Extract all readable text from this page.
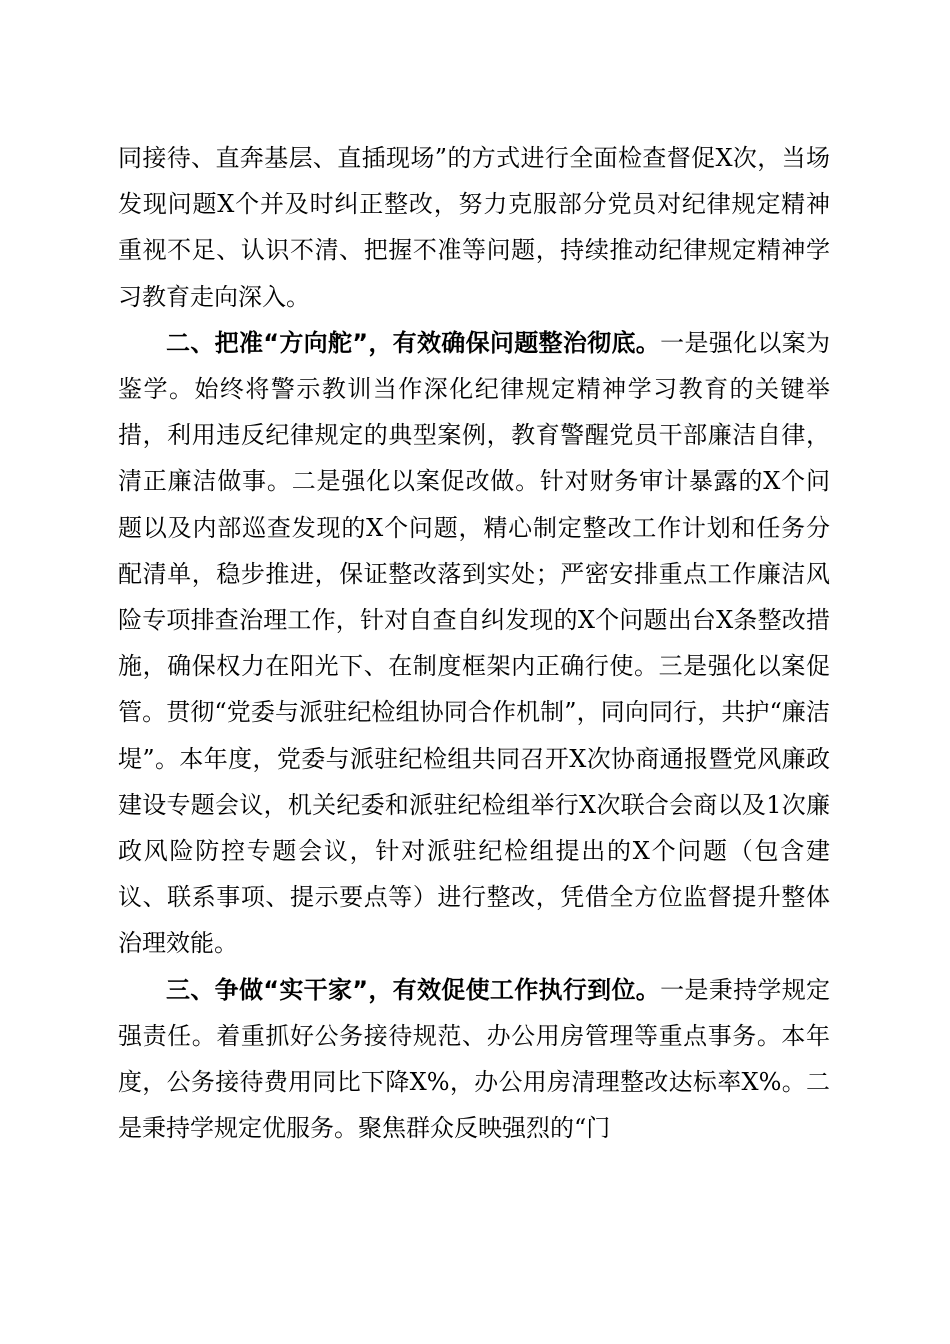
同接待、直奔基层、直插现场”的方式进行全面检查督促X次，当场发现问题X个并及时纠正整改，努力克服部分党员对纪律规定精神重视不足、认识不清、把握不准等问题，持续推动纪律规定精神学习教育走向深入。

二、把准“方向舵”，有效确保问题整治彻底。一是强化以案为鉴学。始终将警示教训当作深化纪律规定精神学习教育的关键举措，利用违反纪律规定的典型案例，教育警醒党员干部廉洁自律，清正廉洁做事。二是强化以案促改做。针对财务审计暴露的X个问题以及内部巡查发现的X个问题，精心制定整改工作计划和任务分配清单，稳步推进，保证整改落到实处；严密安排重点工作廉洁风险专项排查治理工作，针对自查自纠发现的X个问题出台X条整改措施，确保权力在阳光下、在制度框架内正确行使。三是强化以案促管。贯彻“党委与派驻纪检组协同合作机制”，同向同行，共护“廉洁堤”。本年度，党委与派驻纪检组共同召开X次协商通报暨党风廉政建设专题会议，机关纪委和派驻纪检组举行X次联合会商以及1次廉政风险防控专题会议，针对派驻纪检组提出的X个问题（包含建议、联系事项、提示要点等）进行整改，凭借全方位监督提升整体治理效能。

三、争做“实干家”，有效促使工作执行到位。一是秉持学规定强责任。着重抓好公务接待规范、办公用房管理等重点事务。本年度，公务接待费用同比下降X%，办公用房清理整改达标率X%。二是秉持学规定优服务。聚焦群众反映强烈的“门
